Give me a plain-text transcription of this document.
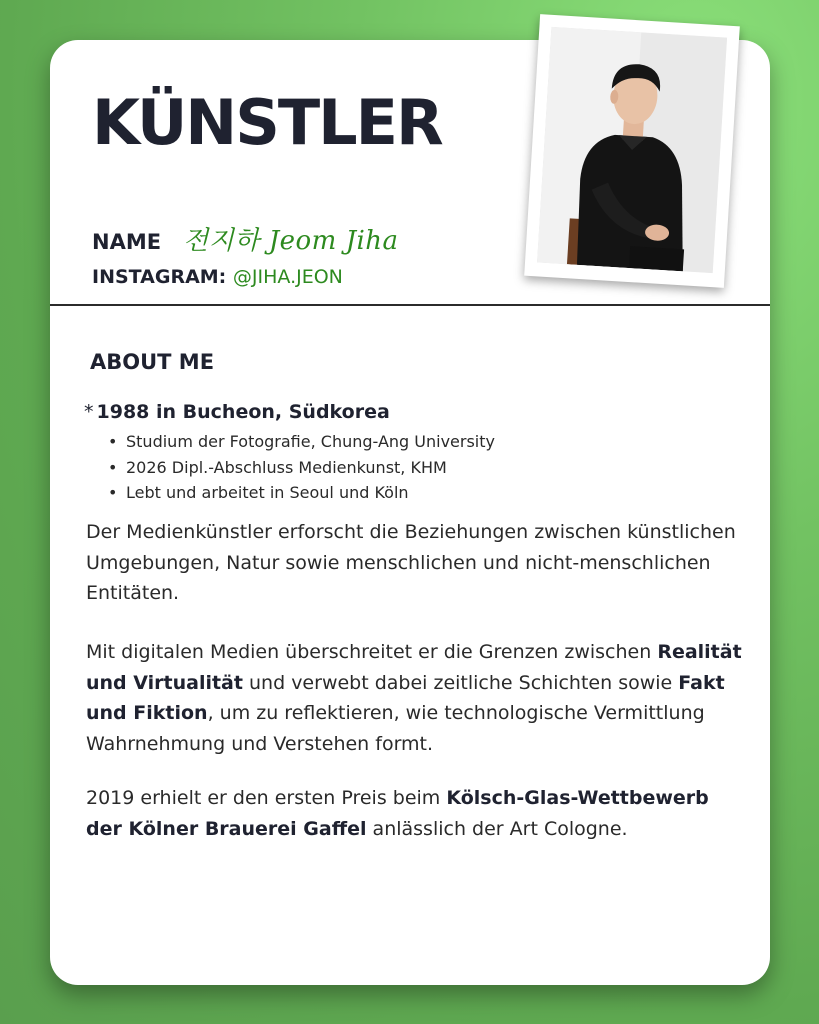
KÜNSTLER
NAME 전지하 Jeom Jiha
INSTAGRAM: @JIHA.JEON
ABOUT ME
* 1988 in Bucheon, Südkorea
• Studium der Fotografie, Chung-Ang University
• 2026 Dipl.-Abschluss Medienkunst, KHM
• Lebt und arbeitet in Seoul und Köln

Der Medienkünstler erforscht die Beziehungen zwischen künstlichen Umgebungen, Natur sowie menschlichen und nicht-menschlichen Entitäten.

Mit digitalen Medien überschreitet er die Grenzen zwischen Realität und Virtualität und verwebt dabei zeitliche Schichten sowie Fakt und Fiktion, um zu reflektieren, wie technologische Vermittlung Wahrnehmung und Verstehen formt.

2019 erhielt er den ersten Preis beim Kölsch-Glas-Wettbewerb der Kölner Brauerei Gaffel anlässlich der Art Cologne.
